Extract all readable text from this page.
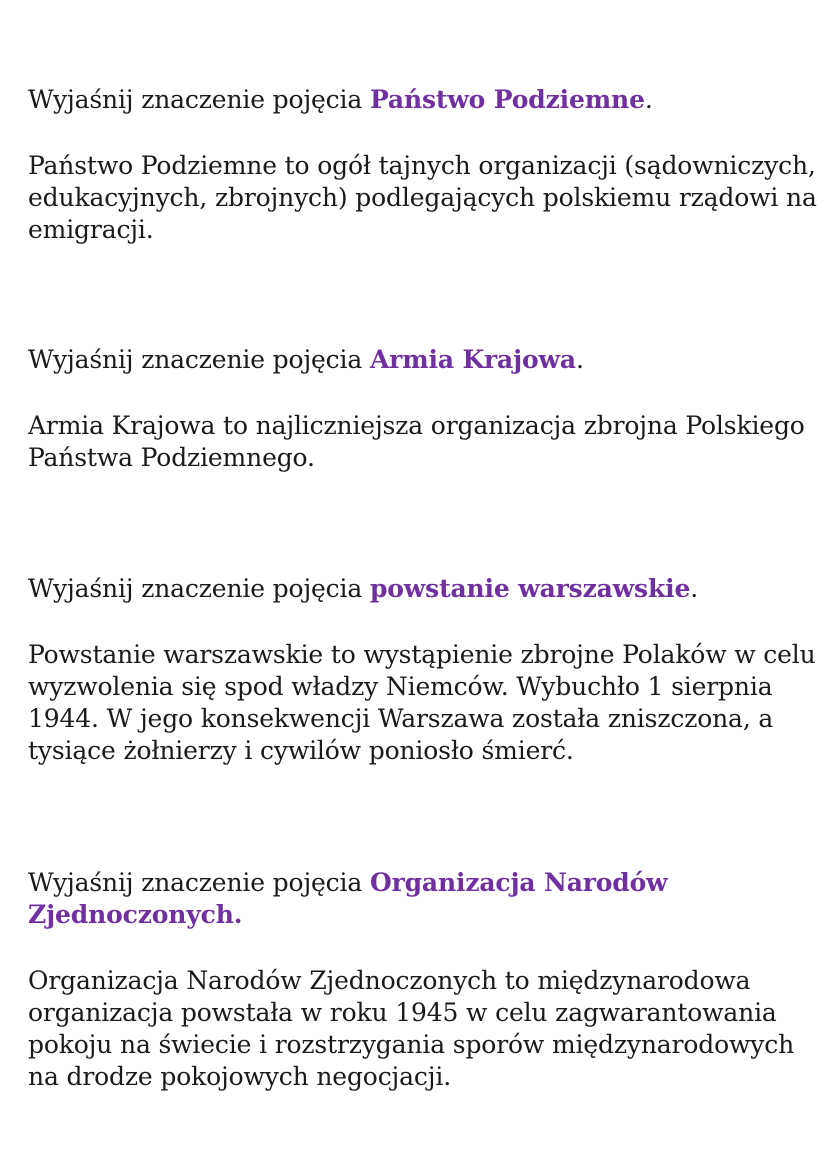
Wyjaśnij znaczenie pojęcia Państwo Podziemne.

Państwo Podziemne to ogół tajnych organizacji (sądowniczych, edukacyjnych, zbrojnych) podlegających polskiemu rządowi na emigracji.

Wyjaśnij znaczenie pojęcia Armia Krajowa.

Armia Krajowa to najliczniejsza organizacja zbrojna Polskiego Państwa Podziemnego.

Wyjaśnij znaczenie pojęcia powstanie warszawskie.

Powstanie warszawskie to wystąpienie zbrojne Polaków w celu wyzwolenia się spod władzy Niemców. Wybuchło 1 sierpnia 1944. W jego konsekwencji Warszawa została zniszczona, a tysiące żołnierzy i cywilów poniosło śmierć.

Wyjaśnij znaczenie pojęcia Organizacja Narodów Zjednoczonych.

Organizacja Narodów Zjednoczonych to międzynarodowa organizacja powstała w roku 1945 w celu zagwarantowania pokoju na świecie i rozstrzygania sporów międzynarodowych na drodze pokojowych negocjacji.
